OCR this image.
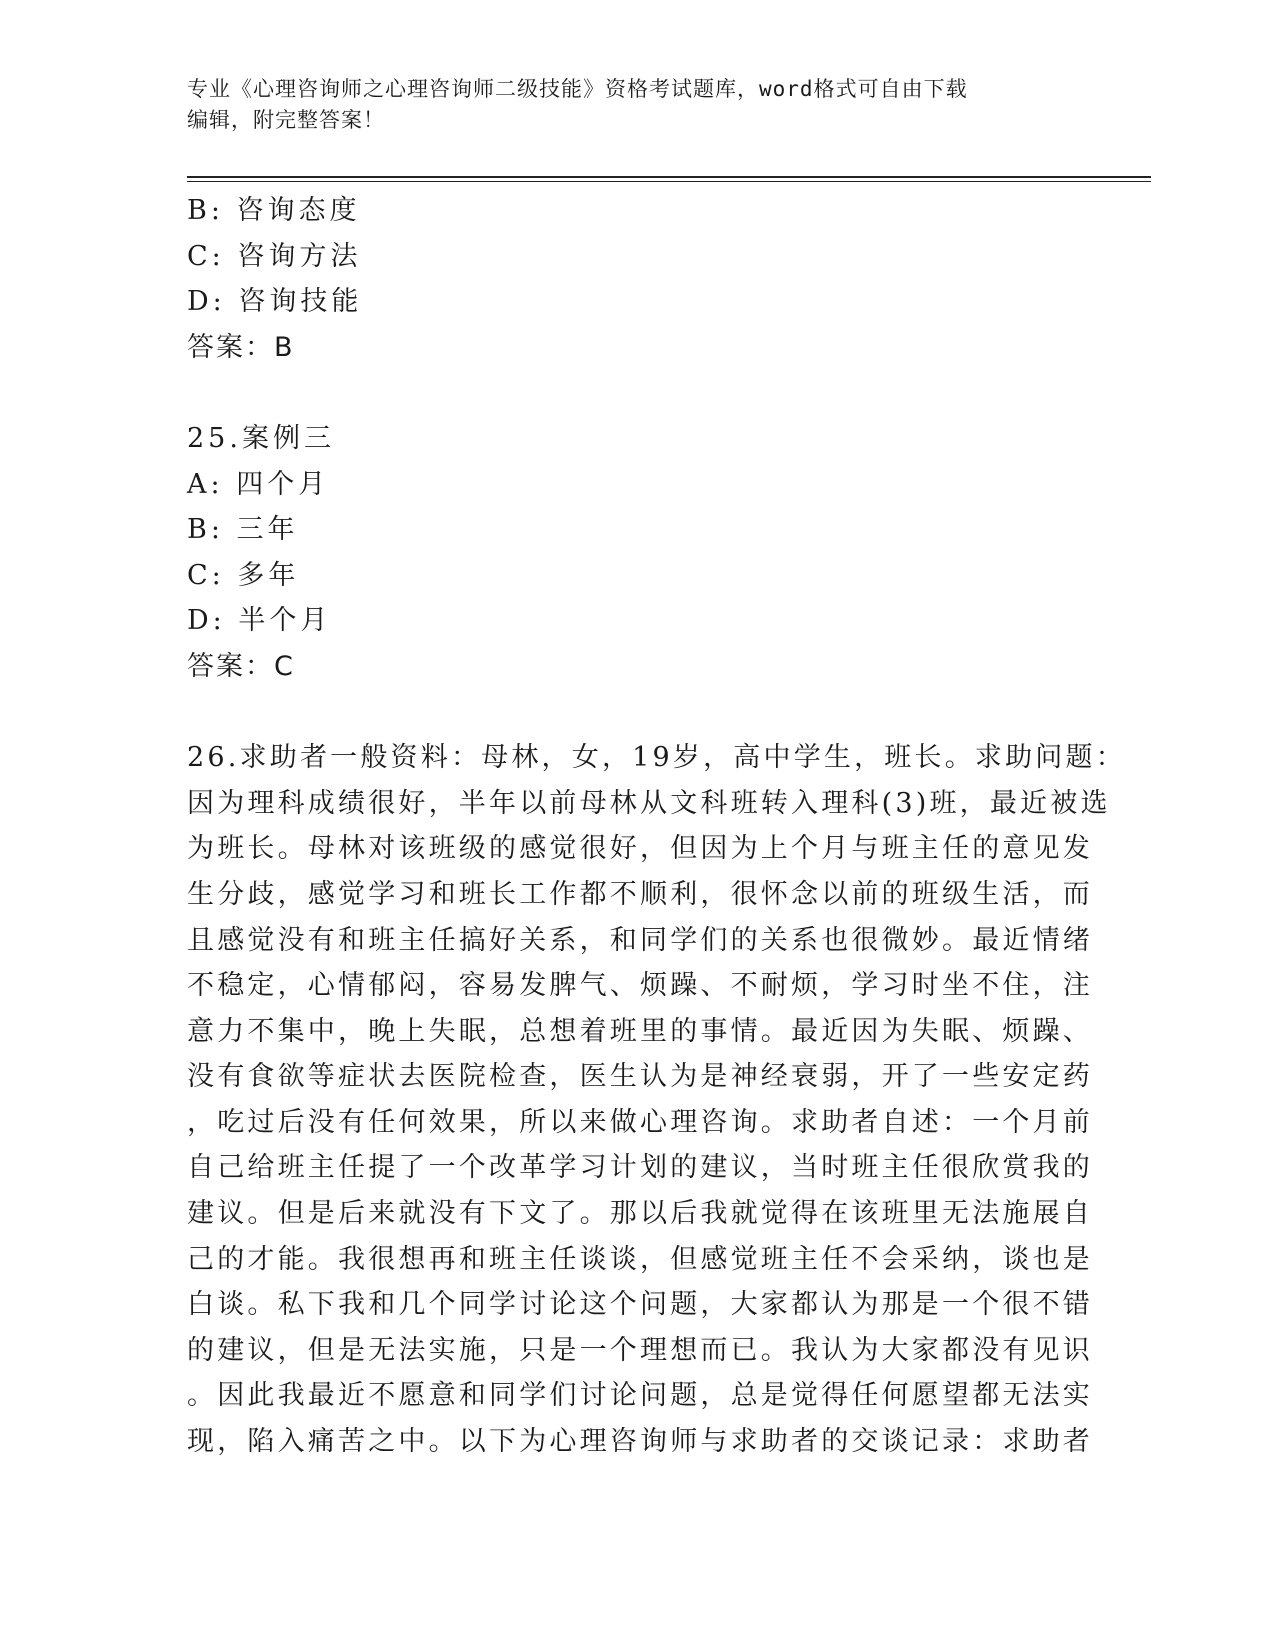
专业《心理咨询师之心理咨询师二级技能》资格考试题库，word格式可自由下载
编辑，附完整答案！
B: 咨询态度
C: 咨询方法
D: 咨询技能
答案：B
25.案例三
A: 四个月
B: 三年
C: 多年
D: 半个月
答案：C
26.求助者一般资料：母林，女，19岁，高中学生，班长。求助问题：
因为理科成绩很好，半年以前母林从文科班转入理科(3)班，最近被选
为班长。母林对该班级的感觉很好，但因为上个月与班主任的意见发
生分歧，感觉学习和班长工作都不顺利，很怀念以前的班级生活，而
且感觉没有和班主任搞好关系，和同学们的关系也很微妙。最近情绪
不稳定，心情郁闷，容易发脾气、烦躁、不耐烦，学习时坐不住，注
意力不集中，晚上失眠，总想着班里的事情。最近因为失眠、烦躁、
没有食欲等症状去医院检查，医生认为是神经衰弱，开了一些安定药
，吃过后没有任何效果，所以来做心理咨询。求助者自述：一个月前
自己给班主任提了一个改革学习计划的建议，当时班主任很欣赏我的
建议。但是后来就没有下文了。那以后我就觉得在该班里无法施展自
己的才能。我很想再和班主任谈谈，但感觉班主任不会采纳，谈也是
白谈。私下我和几个同学讨论这个问题，大家都认为那是一个很不错
的建议，但是无法实施，只是一个理想而已。我认为大家都没有见识
。因此我最近不愿意和同学们讨论问题，总是觉得任何愿望都无法实
现，陷入痛苦之中。以下为心理咨询师与求助者的交谈记录：求助者
